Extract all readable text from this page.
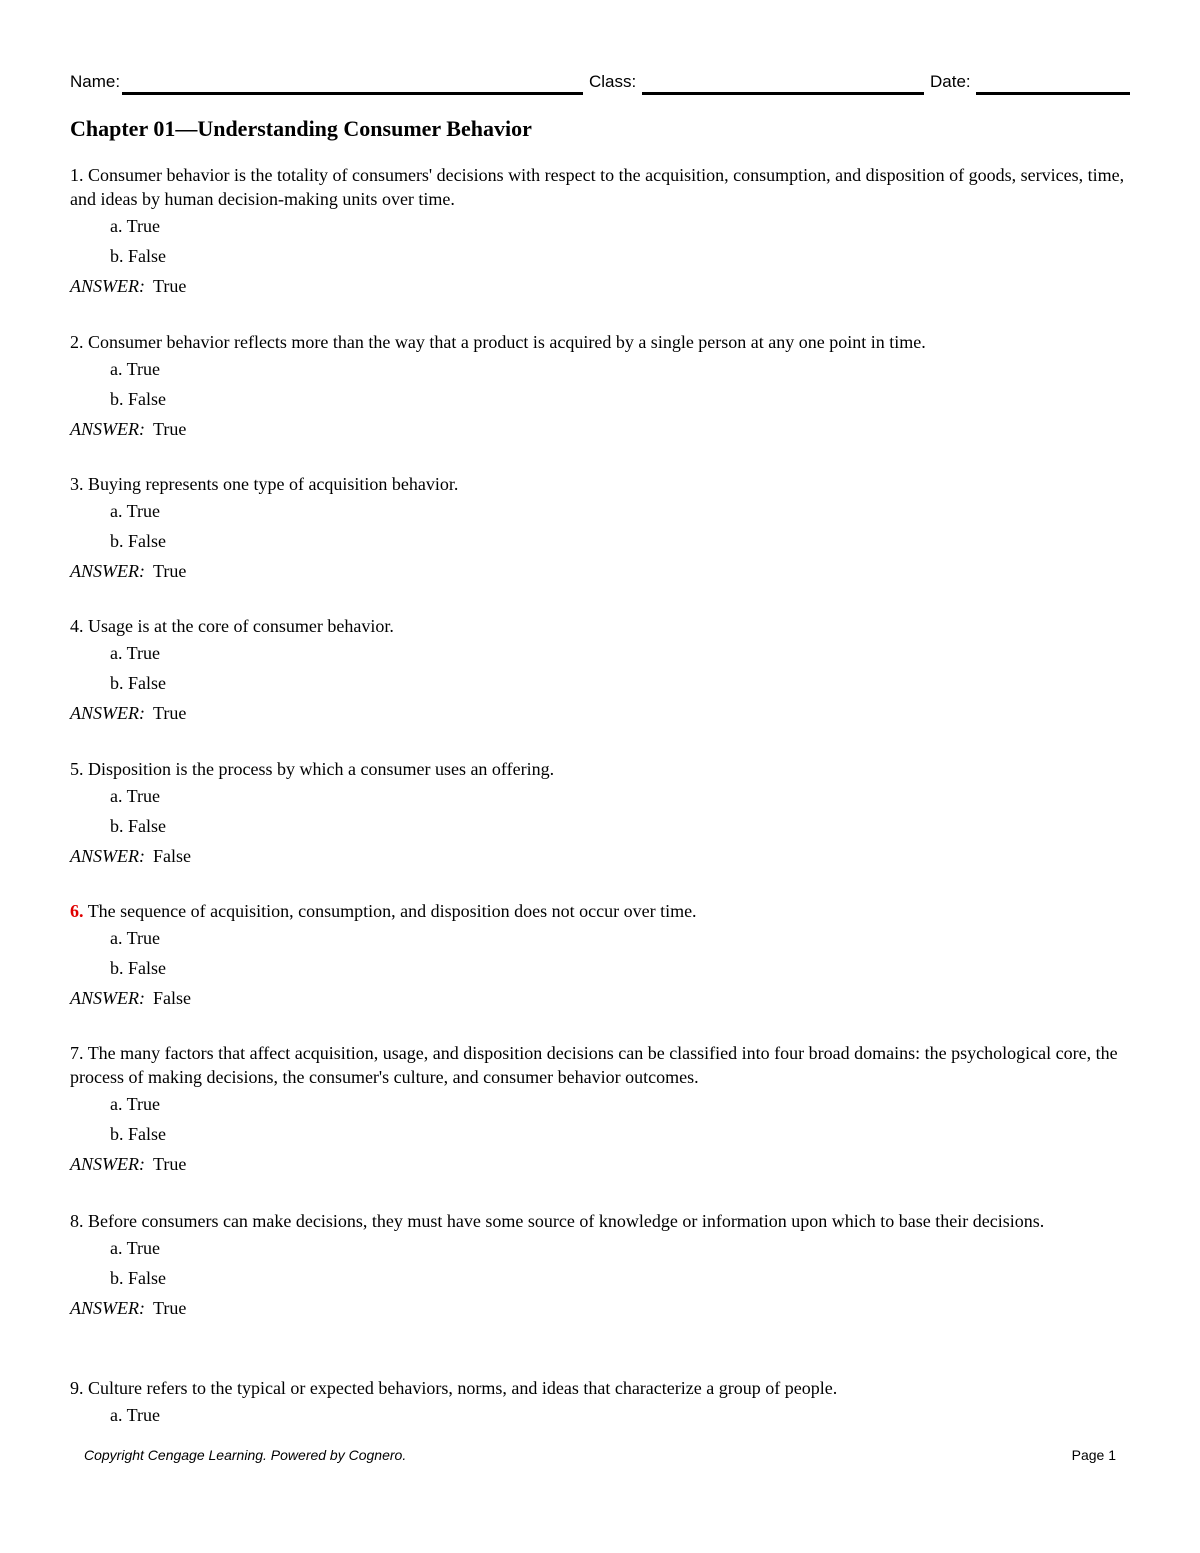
Name:	Class:	Date:
Chapter 01—Understanding Consumer Behavior

1. Consumer behavior is the totality of consumers' decisions with respect to the acquisition, consumption, and disposition of goods, services, time, and ideas by human decision-making units over time.

a. True

b. False

ANSWER: True

2. Consumer behavior reflects more than the way that a product is acquired by a single person at any one point in time.

a. True

b. False

ANSWER: True

3. Buying represents one type of acquisition behavior.

a. True

b. False

ANSWER: True

4. Usage is at the core of consumer behavior.

a. True

b. False

ANSWER: True

5. Disposition is the process by which a consumer uses an offering.

a. True

b. False

ANSWER: False

6. The sequence of acquisition, consumption, and disposition does not occur over time.

a. True

b. False

ANSWER: False

7. The many factors that affect acquisition, usage, and disposition decisions can be classified into four broad domains: the psychological core, the process of making decisions, the consumer's culture, and consumer behavior outcomes.

a. True

b. False

ANSWER: True

8. Before consumers can make decisions, they must have some source of knowledge or information upon which to base their decisions.

a. True

b. False

ANSWER: True

9. Culture refers to the typical or expected behaviors, norms, and ideas that characterize a group of people.

a. True

Copyright Cengage Learning. Powered by Cognero.	Page 1
